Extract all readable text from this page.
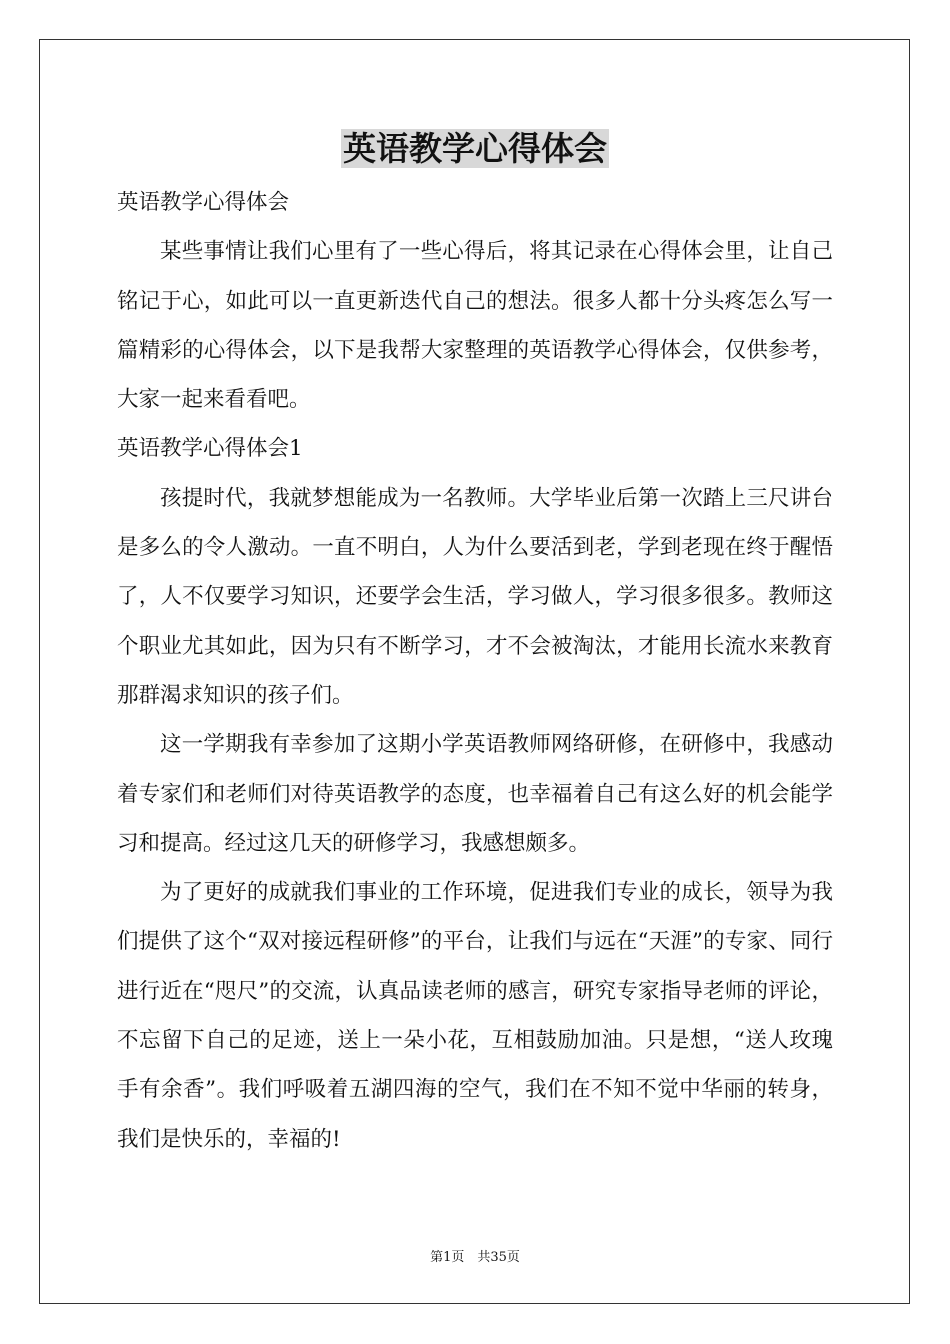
英语教学心得体会

英语教学心得体会

某些事情让我们心里有了一些心得后，将其记录在心得体会里，让自己铭记于心，如此可以一直更新迭代自己的想法。很多人都十分头疼怎么写一篇精彩的心得体会，以下是我帮大家整理的英语教学心得体会，仅供参考，大家一起来看看吧。

英语教学心得体会1

孩提时代，我就梦想能成为一名教师。大学毕业后第一次踏上三尺讲台是多么的令人激动。一直不明白，人为什么要活到老，学到老现在终于醒悟了，人不仅要学习知识，还要学会生活，学习做人，学习很多很多。教师这个职业尤其如此，因为只有不断学习，才不会被淘汰，才能用长流水来教育那群渴求知识的孩子们。

这一学期我有幸参加了这期小学英语教师网络研修，在研修中，我感动着专家们和老师们对待英语教学的态度，也幸福着自己有这么好的机会能学习和提高。经过这几天的研修学习，我感想颇多。

为了更好的成就我们事业的工作环境，促进我们专业的成长，领导为我们提供了这个“双对接远程研修”的平台，让我们与远在“天涯”的专家、同行进行近在“咫尺”的交流，认真品读老师的感言，研究专家指导老师的评论，不忘留下自己的足迹，送上一朵小花，互相鼓励加油。只是想，“送人玫瑰手有余香”。我们呼吸着五湖四海的空气，我们在不知不觉中华丽的转身，我们是快乐的，幸福的!

第1页　共35页
